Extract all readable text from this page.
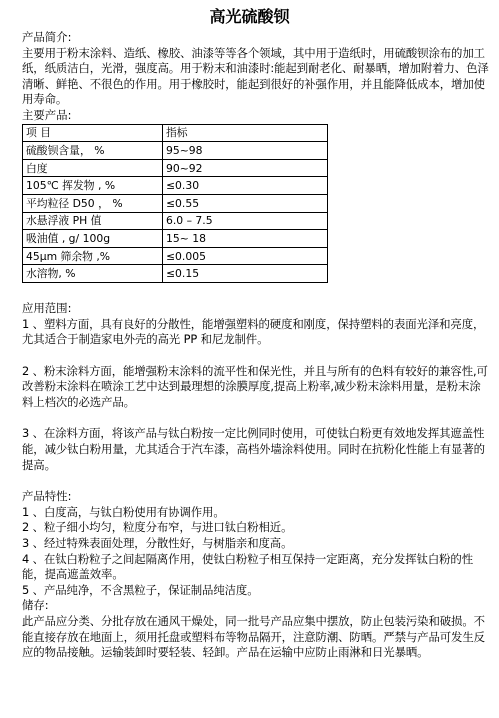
高光硫酸钡

产品简介:

主要用于粉末涂料、造纸、橡胶、油漆等等各个领域，其中用于造纸时，用硫酸钡涂布的加工纸，纸质洁白，光滑，强度高。用于粉末和油漆时:能起到耐老化、耐暴晒，增加附着力、色泽清晰、鲜艳、不很色的作用。用于橡胶时，能起到很好的补强作用，并且能降低成本，增加使用寿命。

主要产品:

项 目	指标
硫酸钡含量， %	95~98
白度	90~92
105℃ 挥发物 , %	≤0.30
平均粒径 D50 ， %	≤0.55
水悬浮液 PH 值	6.0 – 7.5
吸油值 , g/ 100g	15~ 18
45μm 筛余物 ,%	≤0.005
水溶物, %	≤0.15

应用范围:

1 、塑料方面，具有良好的分散性，能增强塑料的硬度和刚度，保持塑料的表面光泽和亮度，尤其适合于制造家电外壳的高光 PP 和尼龙制件。

2 、粉末涂料方面，能增强粉末涂料的流平性和保光性，并且与所有的色料有较好的兼容性,可改善粉末涂料在喷涂工艺中达到最理想的涂膜厚度,提高上粉率,减少粉末涂料用量，是粉末涂料上档次的必选产品。

3 、在涂料方面，将该产品与钛白粉按一定比例同时使用，可使钛白粉更有效地发挥其遮盖性能，减少钛白粉用量，尤其适合于汽车漆，高档外墙涂料使用。同时在抗粉化性能上有显著的提高。

产品特性:

1 、白度高，与钛白粉使用有协调作用。

2 、粒子细小均匀，粒度分布窄，与进口钛白粉相近。

3 、经过特殊表面处理，分散性好，与树脂亲和度高。

4 、在钛白粉粒子之间起隔离作用，使钛白粉粒子相互保持一定距离，充分发挥钛白粉的性能，提高遮盖效率。

5 、产品纯净，不含黑粒子，保证制品纯洁度。

储存:

此产品应分类、分批存放在通风干燥处，同一批号产品应集中摆放，防止包装污染和破损。不能直接存放在地面上，须用托盘或塑料布等物品隔开，注意防潮、防晒。严禁与产品可发生反应的物品接触。运输装卸时要轻装、轻卸。产品在运输中应防止雨淋和日光暴晒。
